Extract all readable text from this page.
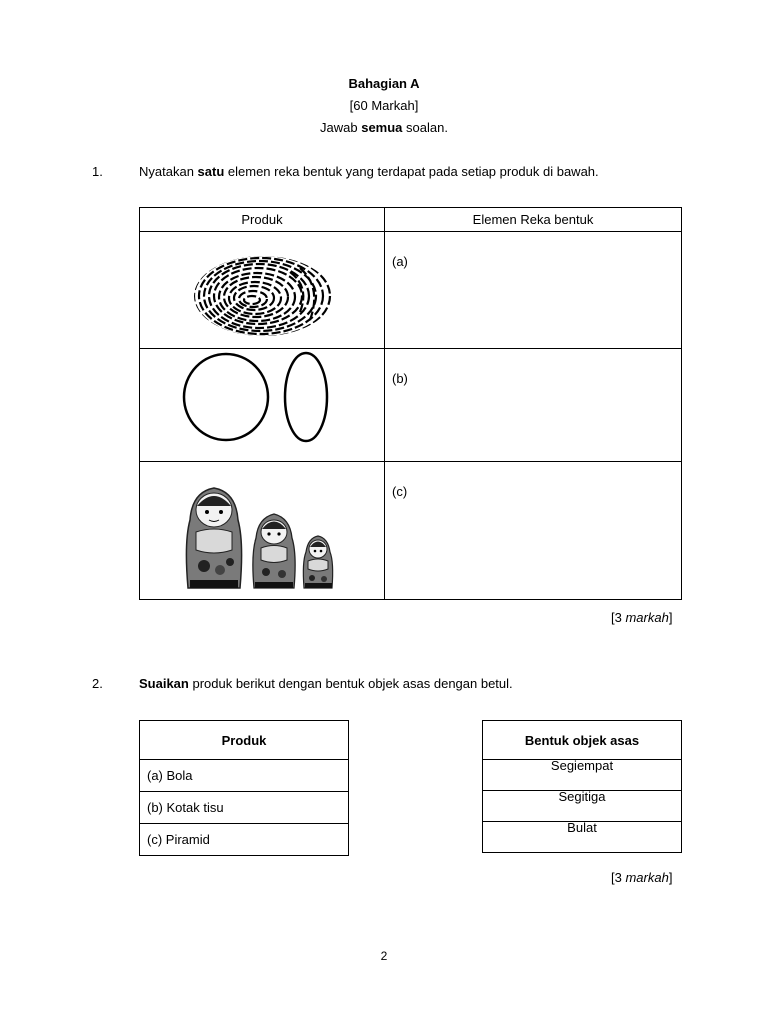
Bahagian A
[60 Markah]
Jawab semua soalan.
1.	Nyatakan satu elemen reka bentuk yang terdapat pada setiap produk di bawah.
Produk	Elemen Reka bentuk

(a)

(b)

(c)
[3 markah]
2.	Suaikan produk berikut dengan bentuk objek asas dengan betul.
Produk
(a) Bola
(b) Kotak tisu
(c) Piramid
Bentuk objek asas
Segiempat
Segitiga
Bulat
[3 markah]
2
